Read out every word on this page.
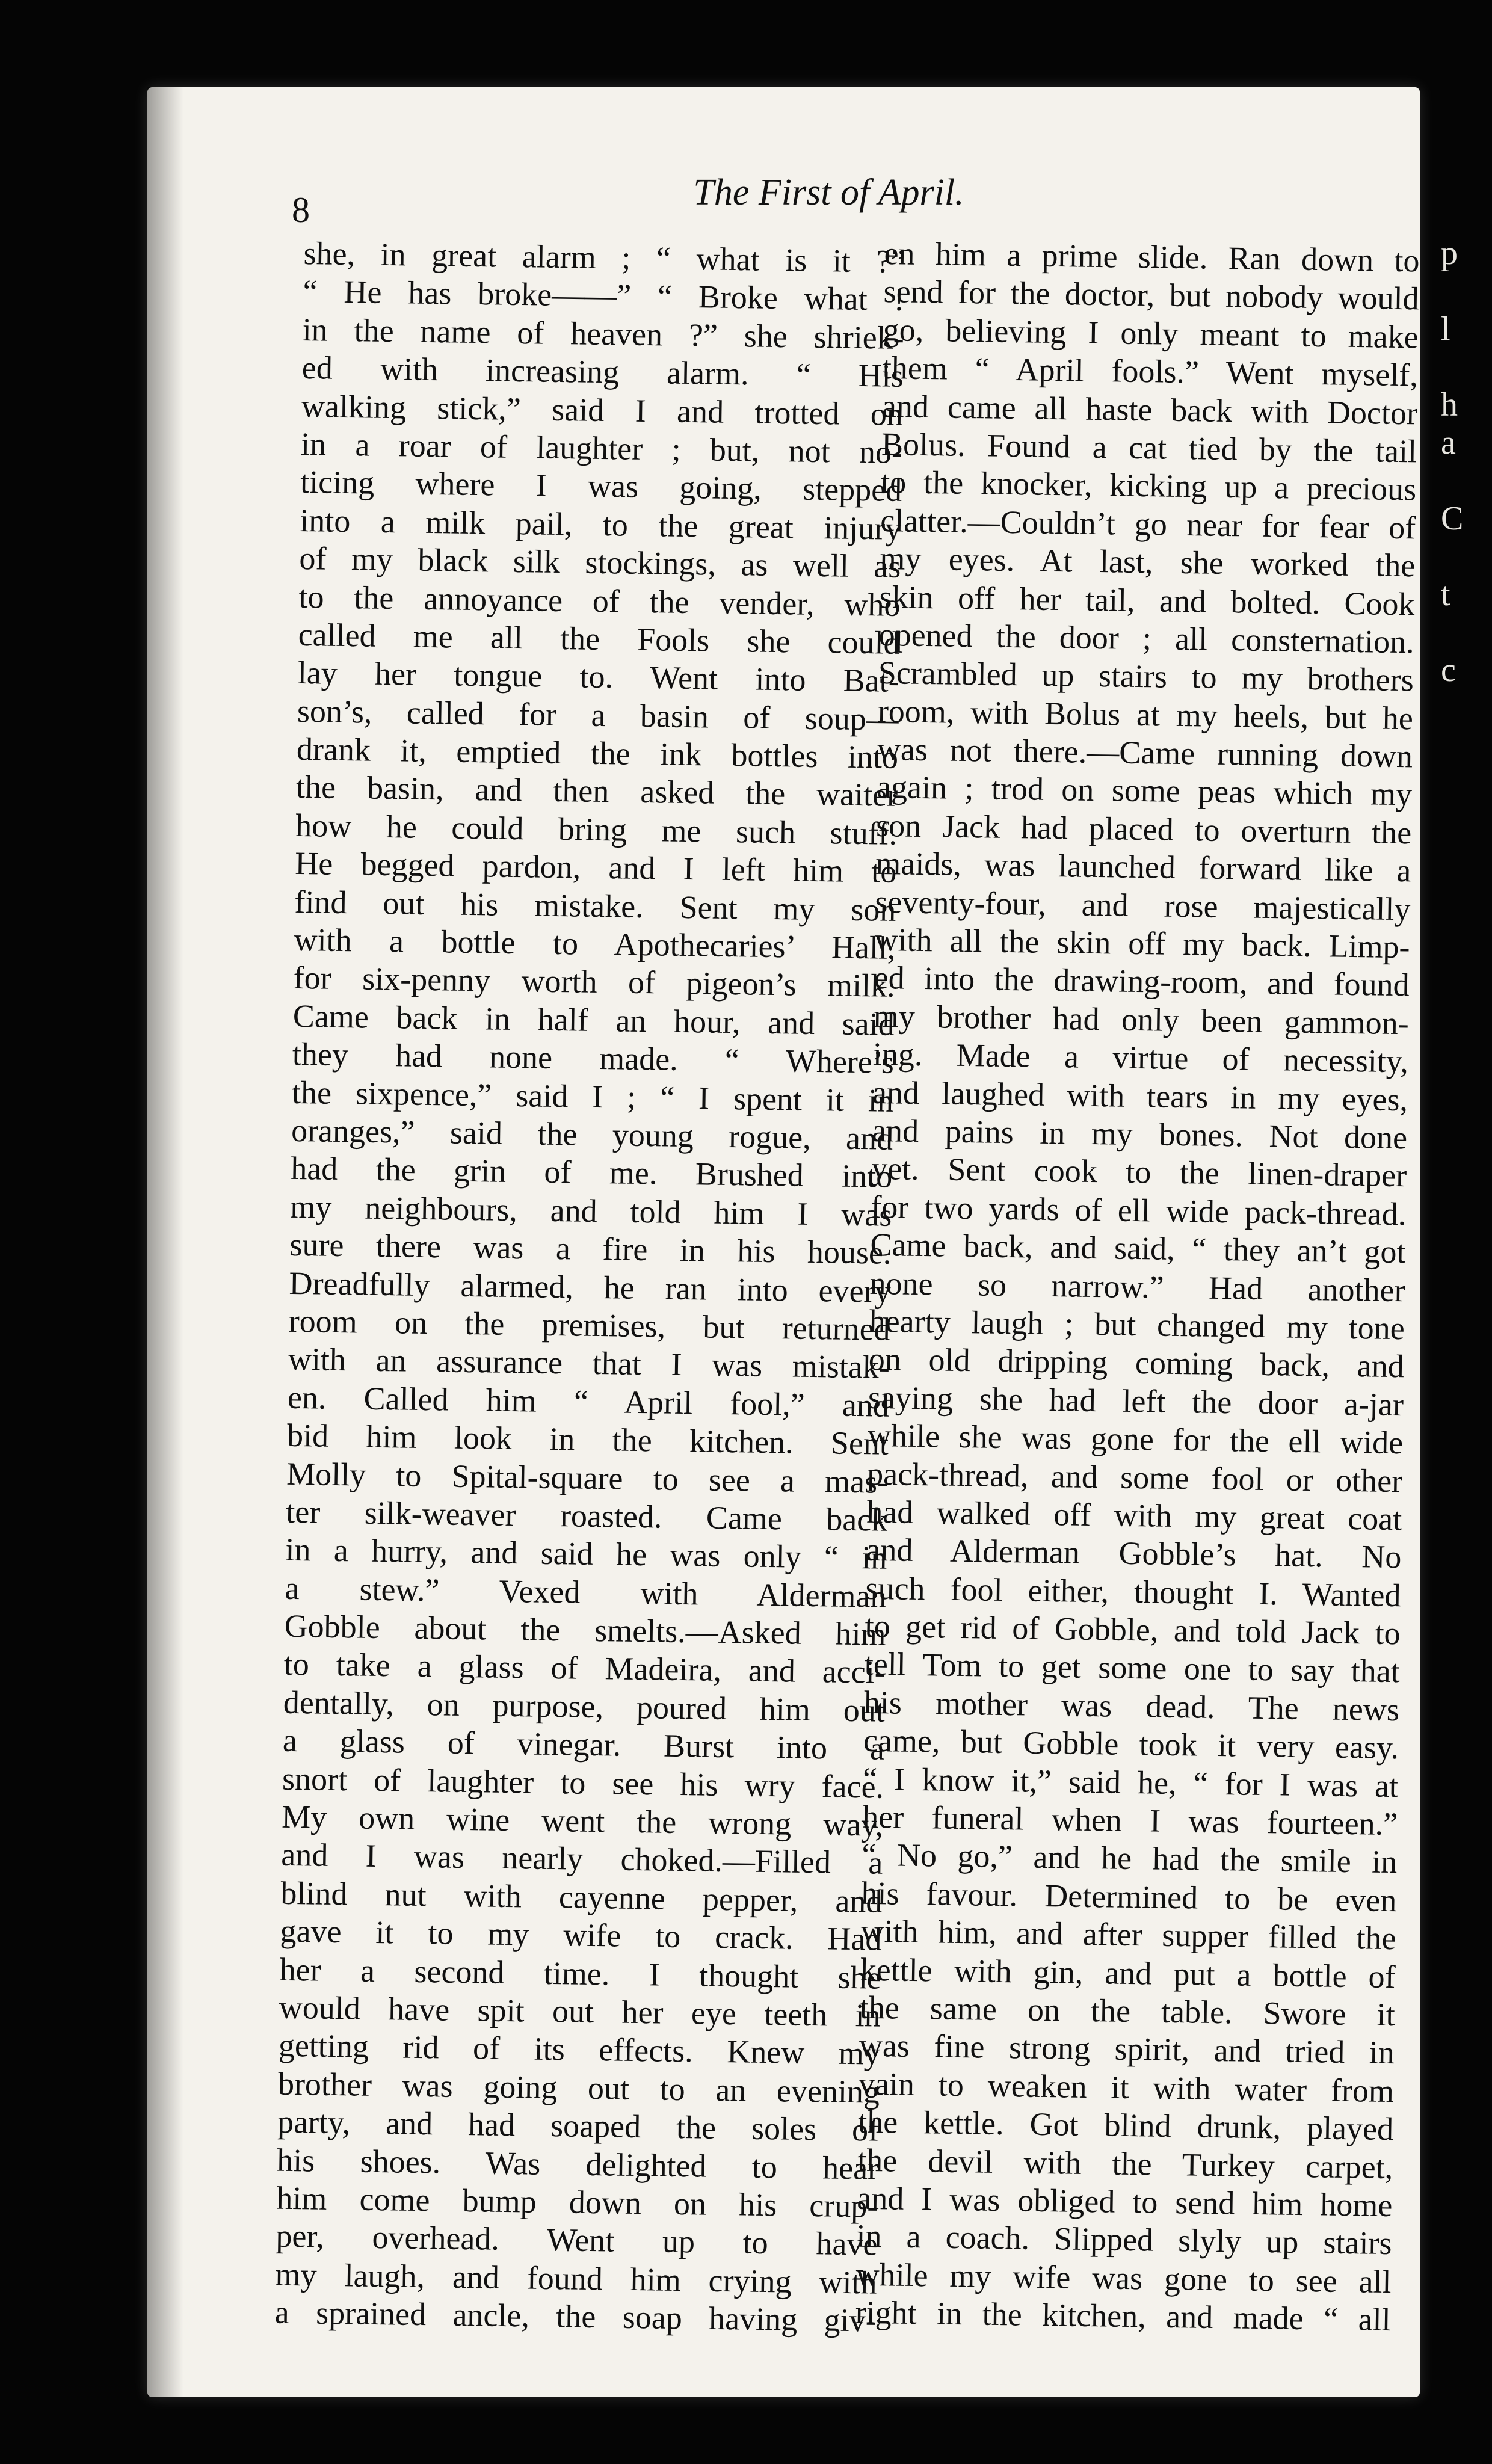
8	The First of April.
she, in great alarm ; “ what is it ?”
“ He has broke——” “ Broke what !
in the name of heaven ?” she shriek-
ed with increasing alarm. “ His
walking stick,” said I and trotted on
in a roar of laughter ; but, not no-
ticing where I was going, stepped
into a milk pail, to the great injury
of my black silk stockings, as well as
to the annoyance of the vender, who
called me all the Fools she could
lay her tongue to. Went into Bat-
son’s, called for a basin of soup—
drank it, emptied the ink bottles into
the basin, and then asked the waiter
how he could bring me such stuff.
He begged pardon, and I left him to
find out his mistake. Sent my son
with a bottle to Apothecaries’ Hall,
for six-penny worth of pigeon’s milk.
Came back in half an hour, and said
they had none made. “ Where’s
the sixpence,” said I ; “ I spent it in
oranges,” said the young rogue, and
had the grin of me. Brushed into
my neighbours, and told him I was
sure there was a fire in his house.
Dreadfully alarmed, he ran into every
room on the premises, but returned
with an assurance that I was mistak-
en. Called him “ April fool,” and
bid him look in the kitchen. Sent
Molly to Spital-square to see a mas-
ter silk-weaver roasted. Came back
in a hurry, and said he was only “ in
a stew.” Vexed with Alderman
Gobble about the smelts.—Asked him
to take a glass of Madeira, and acci-
dentally, on purpose, poured him out
a glass of vinegar. Burst into a
snort of laughter to see his wry face.
My own wine went the wrong way,
and I was nearly choked.—Filled a
blind nut with cayenne pepper, and
gave it to my wife to crack. Had
her a second time. I thought she
would have spit out her eye teeth in
getting rid of its effects. Knew my
brother was going out to an evening
party, and had soaped the soles of
his shoes. Was delighted to hear
him come bump down on his crup-
per, overhead. Went up to have
my laugh, and found him crying with
a sprained ancle, the soap having giv-
en him a prime slide. Ran down to
send for the doctor, but nobody would
go, believing I only meant to make
them “ April fools.” Went myself,
and came all haste back with Doctor
Bolus. Found a cat tied by the tail
to the knocker, kicking up a precious
clatter.—Couldn’t go near for fear of
my eyes. At last, she worked the
skin off her tail, and bolted. Cook
opened the door ; all consternation.
Scrambled up stairs to my brothers
room, with Bolus at my heels, but he
was not there.—Came running down
again ; trod on some peas which my
son Jack had placed to overturn the
maids, was launched forward like a
seventy-four, and rose majestically
with all the skin off my back. Limp-
ed into the drawing-room, and found
my brother had only been gammon-
ing. Made a virtue of necessity,
and laughed with tears in my eyes,
and pains in my bones. Not done
yet. Sent cook to the linen-draper
for two yards of ell wide pack-thread.
Came back, and said, “ they an’t got
none so narrow.” Had another
hearty laugh ; but changed my tone
on old dripping coming back, and
saying she had left the door a-jar
while she was gone for the ell wide
pack-thread, and some fool or other
had walked off with my great coat
and Alderman Gobble’s hat. No
such fool either, thought I. Wanted
to get rid of Gobble, and told Jack to
tell Tom to get some one to say that
his mother was dead. The news
came, but Gobble took it very easy.
“ I know it,” said he, “ for I was at
her funeral when I was fourteen.”
“ No go,” and he had the smile in
his favour. Determined to be even
with him, and after supper filled the
kettle with gin, and put a bottle of
the same on the table. Swore it
was fine strong spirit, and tried in
vain to weaken it with water from
the kettle. Got blind drunk, played
the devil with the Turkey carpet,
and I was obliged to send him home
in a coach. Slipped slyly up stairs
while my wife was gone to see all
right in the kitchen, and made “ all
p
l
h
a
C
t
c
